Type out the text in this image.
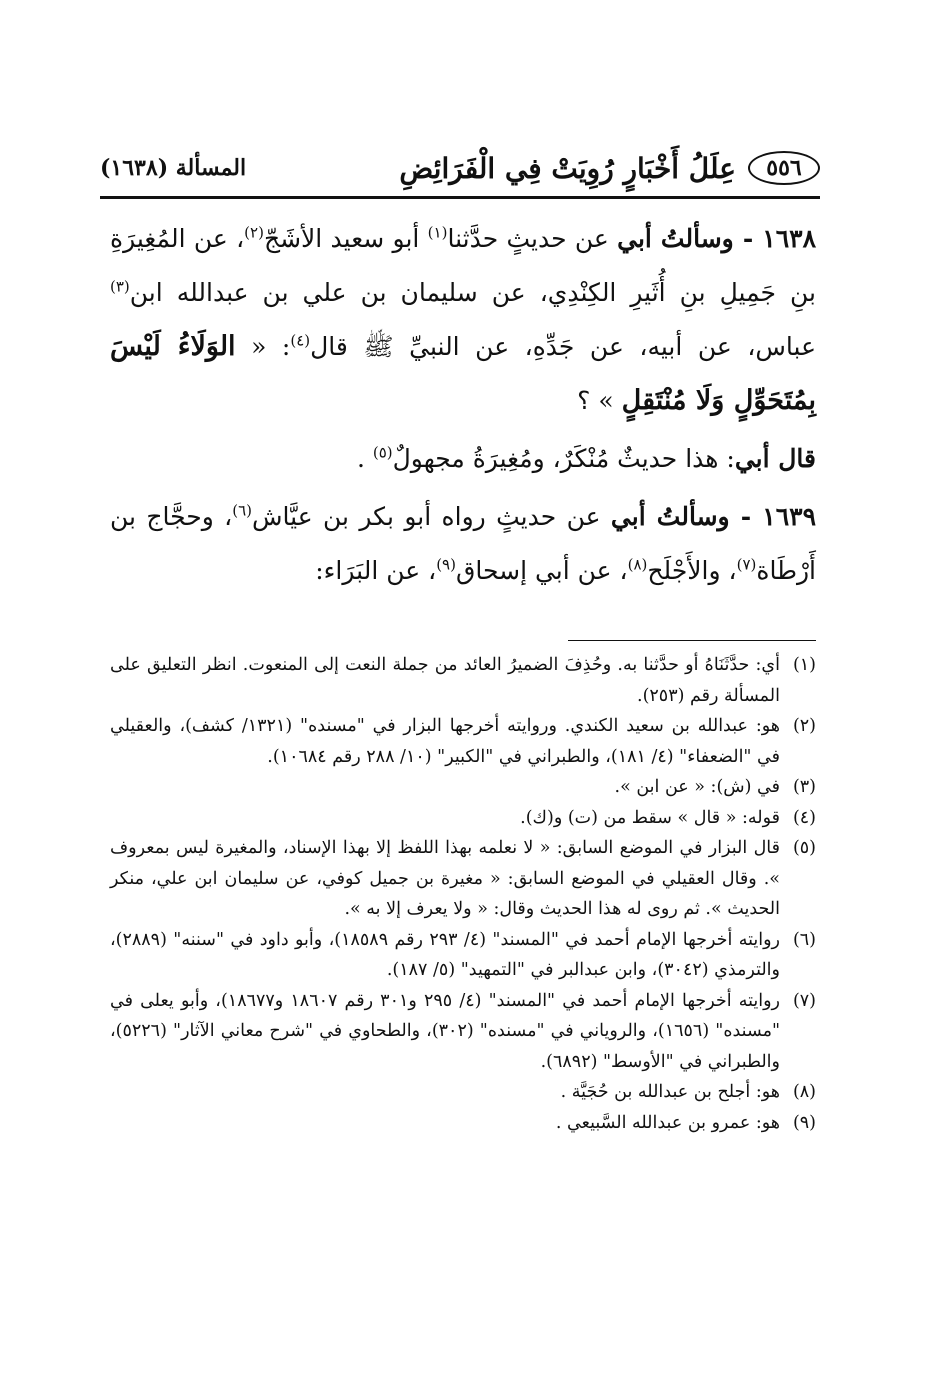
٥٥٦
عِلَلُ أَخْبَارٍ رُوِيَتْ فِي الْفَرَائِضِ
المسألة (١٦٣٨)

١٦٣٨ - وسألتُ أبي عن حديثٍ حدَّثنا$^{(١)}$ أبو سعيد الأشَجّ$^{(٢)}$، عن المُغِيرَةِ بنِ جَمِيلِ بنِ أُثَيرِ الكِنْدِي، عن سليمان بن علي بن عبدالله ابن$^{(٣)}$ عباس، عن أبيه، عن جَدِّهِ، عن النبيِّ ﷺ قال$^{(٤)}$: « الوَلَاءُ لَيْسَ بِمُتَحَوِّلٍ وَلَا مُنْتَقِلٍ » ؟

قال أبي: هذا حديثٌ مُنْكَرٌ، ومُغِيرَةُ مجهولٌ$^{(٥)}$ .

١٦٣٩ - وسألتُ أبي عن حديثٍ رواه أبو بكر بن عيَّاش$^{(٦)}$، وحجَّاج بن أَرْطَاة$^{(٧)}$، والأَجْلَح$^{(٨)}$، عن أبي إسحاق$^{(٩)}$، عن البَرَاء:

(١)
أي: حدَّثَنَاهُ أو حدَّثنا به. وحُذِفَ الضميرُ العائد من جملة النعت إلى المنعوت. انظر التعليق على المسألة رقم (٢٥٣).
(٢)
هو: عبدالله بن سعيد الكندي. وروايته أخرجها البزار في "مسنده" (١٣٢١/ كشف)، والعقيلي في "الضعفاء" (٤/ ١٨١)، والطبراني في "الكبير" (١٠/ ٢٨٨ رقم ١٠٦٨٤).
(٣)
في (ش): « عن ابن ».
(٤)
قوله: « قال » سقط من (ت) و(ك).
(٥)
قال البزار في الموضع السابق: « لا نعلمه بهذا اللفظ إلا بهذا الإسناد، والمغيرة ليس بمعروف ». وقال العقيلي في الموضع السابق: « مغيرة بن جميل كوفي، عن سليمان ابن علي، منكر الحديث ». ثم روى له هذا الحديث وقال: « ولا يعرف إلا به ».
(٦)
روايته أخرجها الإمام أحمد في "المسند" (٤/ ٢٩٣ رقم ١٨٥٨٩)، وأبو داود في "سننه" (٢٨٨٩)، والترمذي (٣٠٤٢)، وابن عبدالبر في "التمهيد" (٥/ ١٨٧).
(٧)
روايته أخرجها الإمام أحمد في "المسند" (٤/ ٢٩٥ و٣٠١ رقم ١٨٦٠٧ و١٨٦٧٧)، وأبو يعلى في "مسنده" (١٦٥٦)، والروياني في "مسنده" (٣٠٢)، والطحاوي في "شرح معاني الآثار" (٥٢٢٦)، والطبراني في "الأوسط" (٦٨٩٢).
(٨)
هو: أجلح بن عبدالله بن حُجَيَّة .
(٩)
هو: عمرو بن عبدالله السَّبيعي .
